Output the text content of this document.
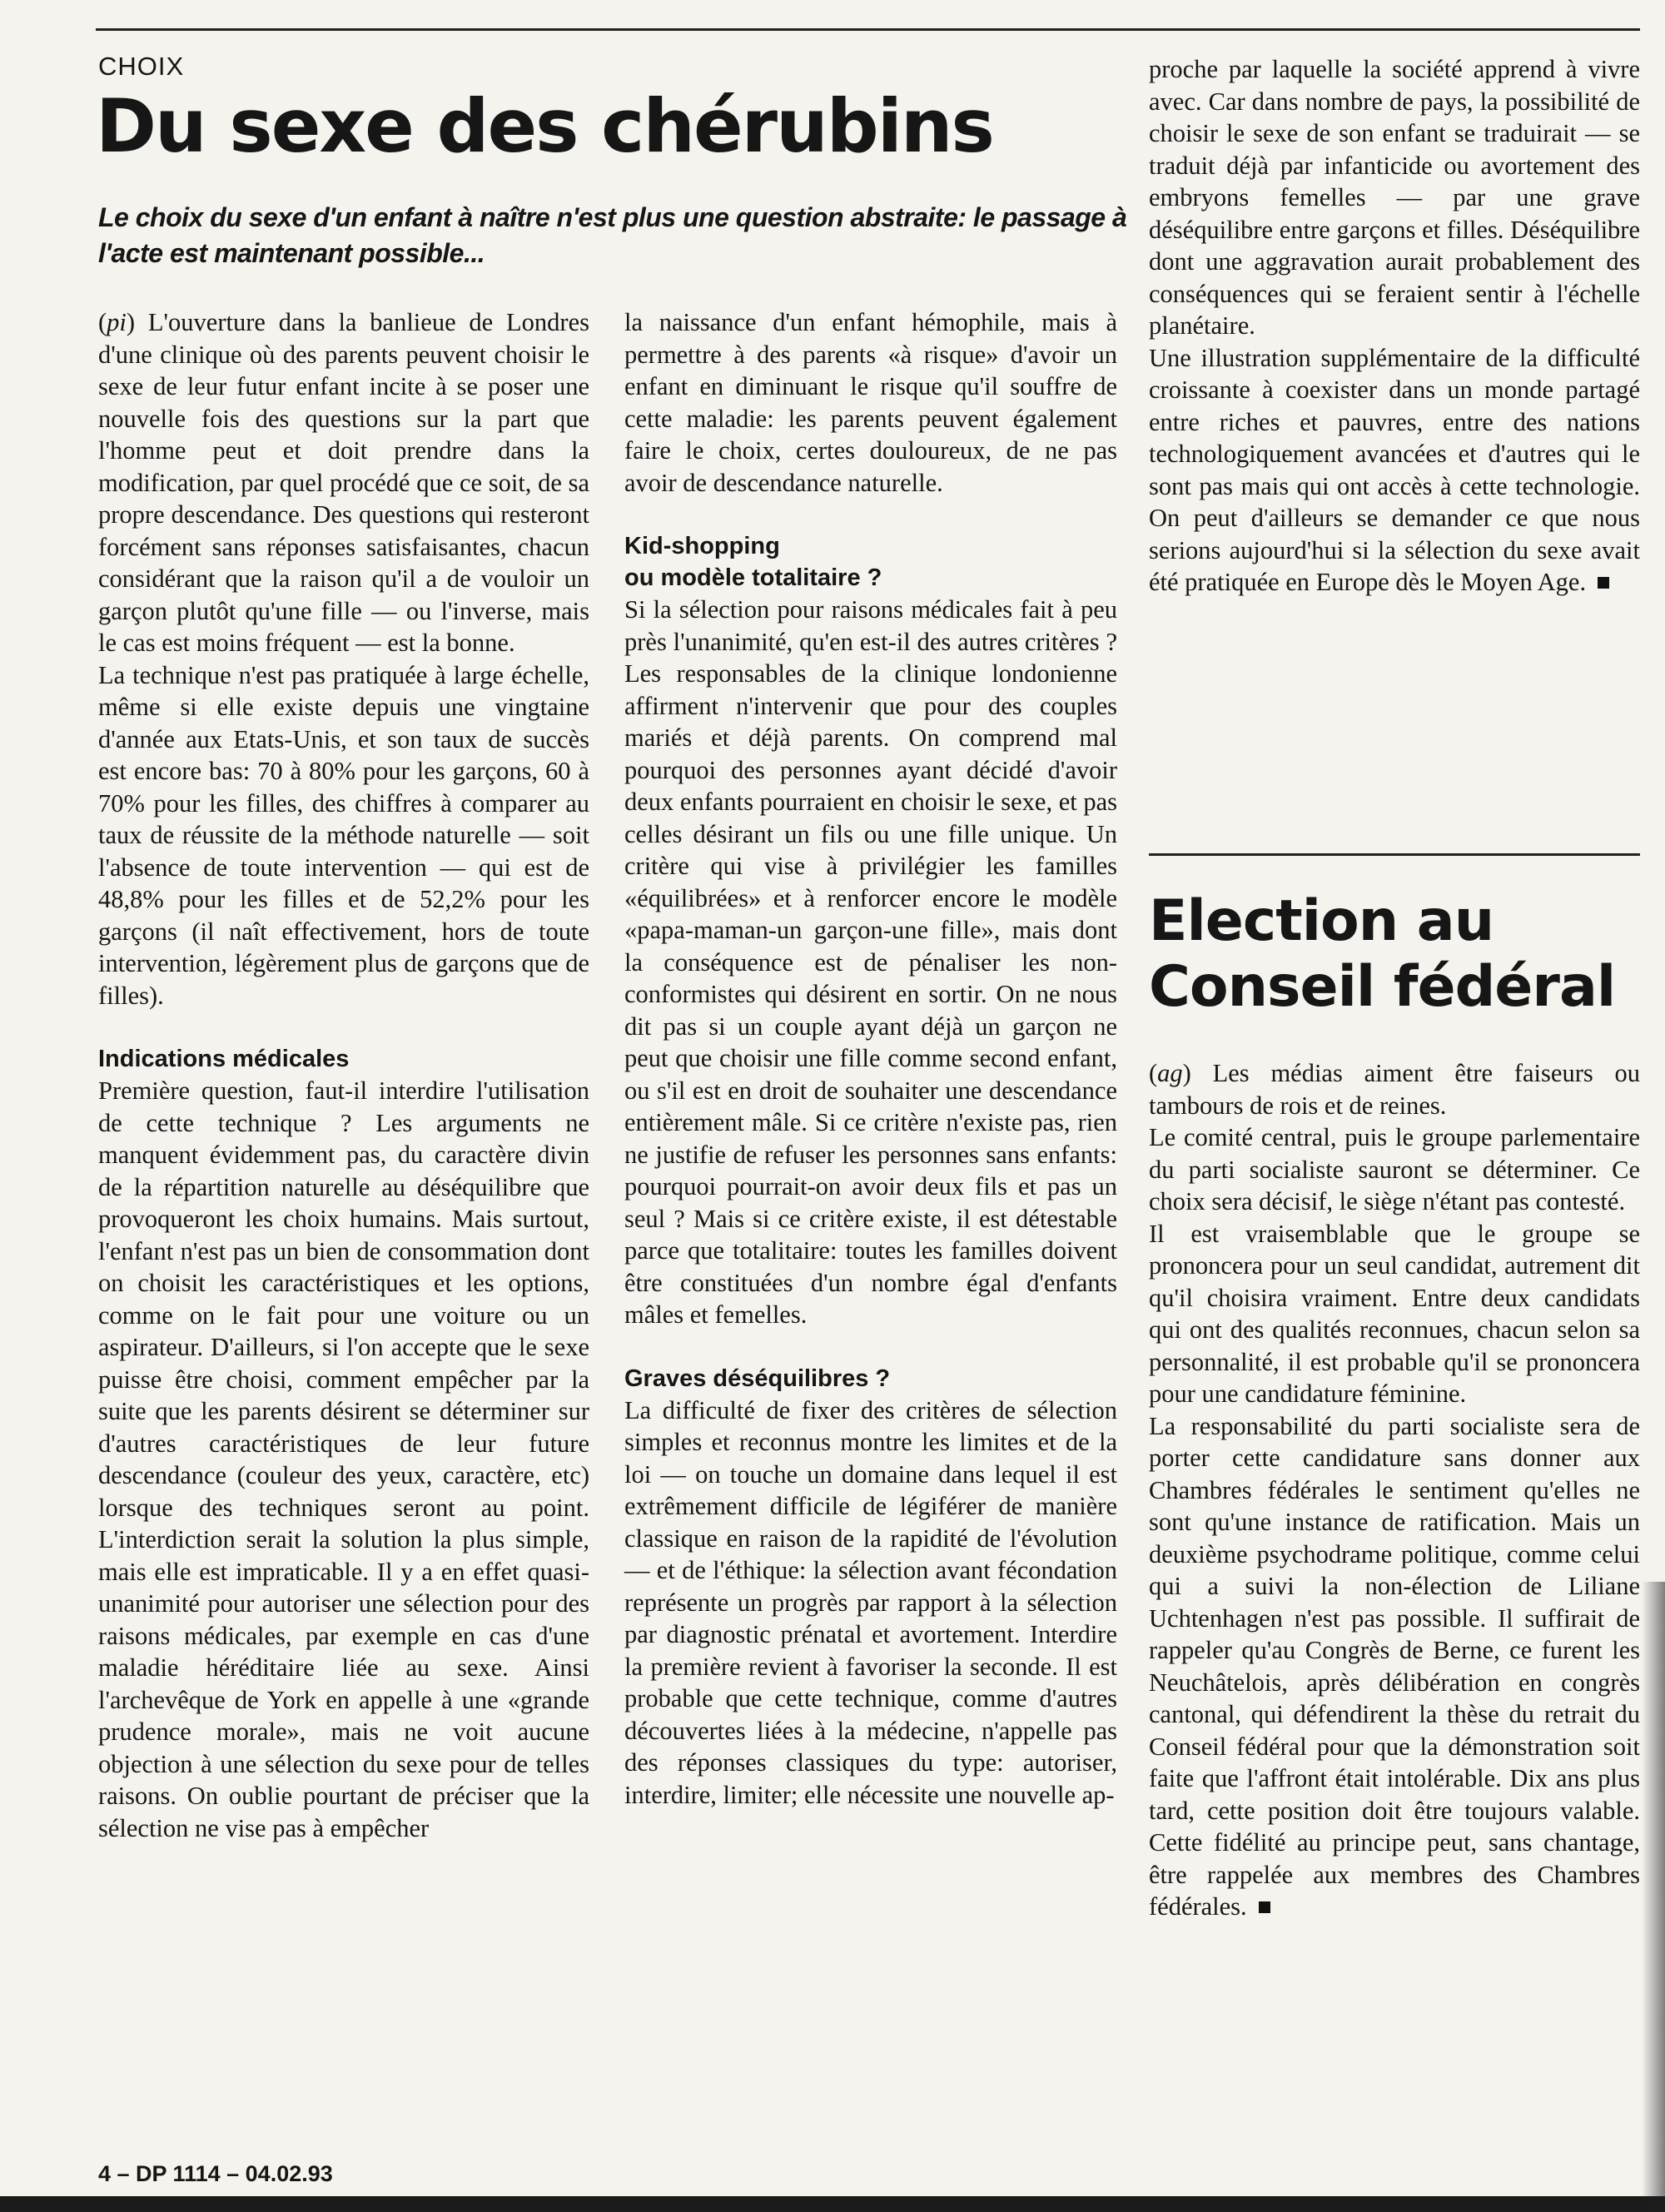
CHOIX
Du sexe des chérubins

Le choix du sexe d'un enfant à naître n'est plus une question abstraite: le passage à l'acte est maintenant possible...

(pi) L'ouverture dans la banlieue de Londres d'une clinique où des parents peuvent choisir le sexe de leur futur enfant incite à se poser une nouvelle fois des questions sur la part que l'homme peut et doit prendre dans la modification, par quel procédé que ce soit, de sa propre descendance. Des questions qui resteront forcément sans réponses satisfaisantes, chacun considérant que la raison qu'il a de vouloir un garçon plutôt qu'une fille — ou l'inverse, mais le cas est moins fréquent — est la bonne.

La technique n'est pas pratiquée à large échelle, même si elle existe depuis une vingtaine d'année aux Etats-Unis, et son taux de succès est encore bas: 70 à 80% pour les garçons, 60 à 70% pour les filles, des chiffres à comparer au taux de réussite de la méthode naturelle — soit l'absence de toute intervention — qui est de 48,8% pour les filles et de 52,2% pour les garçons (il naît effectivement, hors de toute intervention, légèrement plus de garçons que de filles).

Indications médicales

Première question, faut-il interdire l'utilisation de cette technique ? Les arguments ne manquent évidemment pas, du caractère divin de la répartition naturelle au déséquilibre que provoqueront les choix humains. Mais surtout, l'enfant n'est pas un bien de consommation dont on choisit les caractéristiques et les options, comme on le fait pour une voiture ou un aspirateur. D'ailleurs, si l'on accepte que le sexe puisse être choisi, comment empêcher par la suite que les parents désirent se déterminer sur d'autres caractéristiques de leur future descendance (couleur des yeux, caractère, etc) lorsque des techniques seront au point. L'interdiction serait la solution la plus simple, mais elle est impraticable. Il y a en effet quasi-unanimité pour autoriser une sélection pour des raisons médicales, par exemple en cas d'une maladie héréditaire liée au sexe. Ainsi l'archevêque de York en appelle à une «grande prudence morale», mais ne voit aucune objection à une sélection du sexe pour de telles raisons. On oublie pourtant de préciser que la sélection ne vise pas à empêcher

la naissance d'un enfant hémophile, mais à permettre à des parents «à risque» d'avoir un enfant en diminuant le risque qu'il souffre de cette maladie: les parents peuvent également faire le choix, certes douloureux, de ne pas avoir de descendance naturelle.

Kid-shopping
ou modèle totalitaire ?

Si la sélection pour raisons médicales fait à peu près l'unanimité, qu'en est-il des autres critères ? Les responsables de la clinique londonienne affirment n'intervenir que pour des couples mariés et déjà parents. On comprend mal pourquoi des personnes ayant décidé d'avoir deux enfants pourraient en choisir le sexe, et pas celles désirant un fils ou une fille unique. Un critère qui vise à privilégier les familles «équilibrées» et à renforcer encore le modèle «papa-maman-un garçon-une fille», mais dont la conséquence est de pénaliser les non-conformistes qui désirent en sortir. On ne nous dit pas si un couple ayant déjà un garçon ne peut que choisir une fille comme second enfant, ou s'il est en droit de souhaiter une descendance entièrement mâle. Si ce critère n'existe pas, rien ne justifie de refuser les personnes sans enfants: pourquoi pourrait-on avoir deux fils et pas un seul ? Mais si ce critère existe, il est détestable parce que totalitaire: toutes les familles doivent être constituées d'un nombre égal d'enfants mâles et femelles.

Graves déséquilibres ?

La difficulté de fixer des critères de sélection simples et reconnus montre les limites et de la loi — on touche un domaine dans lequel il est extrêmement difficile de légiférer de manière classique en raison de la rapidité de l'évolution — et de l'éthique: la sélection avant fécondation représente un progrès par rapport à la sélection par diagnostic prénatal et avortement. Interdire la première revient à favoriser la seconde. Il est probable que cette technique, comme d'autres découvertes liées à la médecine, n'appelle pas des réponses classiques du type: autoriser, interdire, limiter; elle nécessite une nouvelle ap-

proche par laquelle la société apprend à vivre avec. Car dans nombre de pays, la possibilité de choisir le sexe de son enfant se traduirait — se traduit déjà par infanticide ou avortement des embryons femelles — par une grave déséquilibre entre garçons et filles. Déséquilibre dont une aggravation aurait probablement des conséquences qui se feraient sentir à l'échelle planétaire.

Une illustration supplémentaire de la difficulté croissante à coexister dans un monde partagé entre riches et pauvres, entre des nations technologiquement avancées et d'autres qui le sont pas mais qui ont accès à cette technologie. On peut d'ailleurs se demander ce que nous serions aujourd'hui si la sélection du sexe avait été pratiquée en Europe dès le Moyen Age.

Election au
Conseil fédéral

(ag) Les médias aiment être faiseurs ou tambours de rois et de reines.

Le comité central, puis le groupe parlementaire du parti socialiste sauront se déterminer. Ce choix sera décisif, le siège n'étant pas contesté.

Il est vraisemblable que le groupe se prononcera pour un seul candidat, autrement dit qu'il choisira vraiment. Entre deux candidats qui ont des qualités reconnues, chacun selon sa personnalité, il est probable qu'il se prononcera pour une candidature féminine.

La responsabilité du parti socialiste sera de porter cette candidature sans donner aux Chambres fédérales le sentiment qu'elles ne sont qu'une instance de ratification. Mais un deuxième psychodrame politique, comme celui qui a suivi la non-élection de Liliane Uchtenhagen n'est pas possible. Il suffirait de rappeler qu'au Congrès de Berne, ce furent les Neuchâtelois, après délibération en congrès cantonal, qui défendirent la thèse du retrait du Conseil fédéral pour que la démonstration soit faite que l'affront était intolérable. Dix ans plus tard, cette position doit être toujours valable. Cette fidélité au principe peut, sans chantage, être rappelée aux membres des Chambres fédérales.

4 – DP 1114 – 04.02.93
